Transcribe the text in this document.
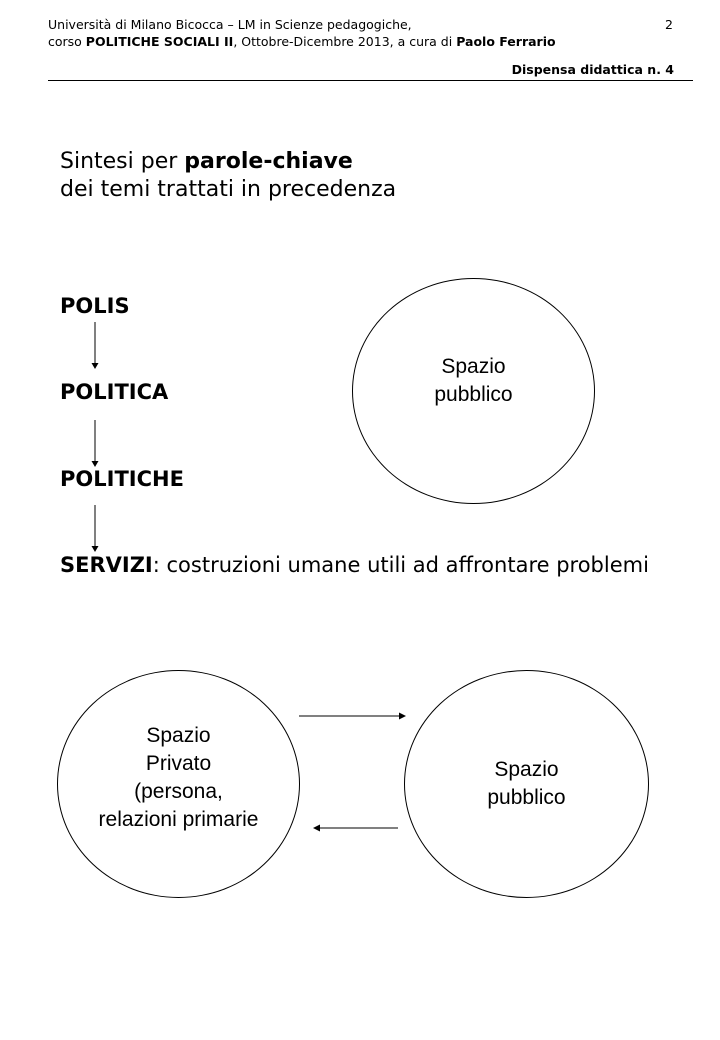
Università di Milano Bicocca – LM in Scienze pedagogiche,
corso POLITICHE SOCIALI II, Ottobre-Dicembre 2013, a cura di Paolo Ferrario
2
Dispensa didattica n. 4
Sintesi per parole-chiave
dei temi trattati in precedenza
POLIS
POLITICA
POLITICHE
SERVIZI: costruzioni umane utili ad affrontare problemi
Spazio
pubblico
Spazio
Privato
(persona,
relazioni primarie
Spazio
pubblico
